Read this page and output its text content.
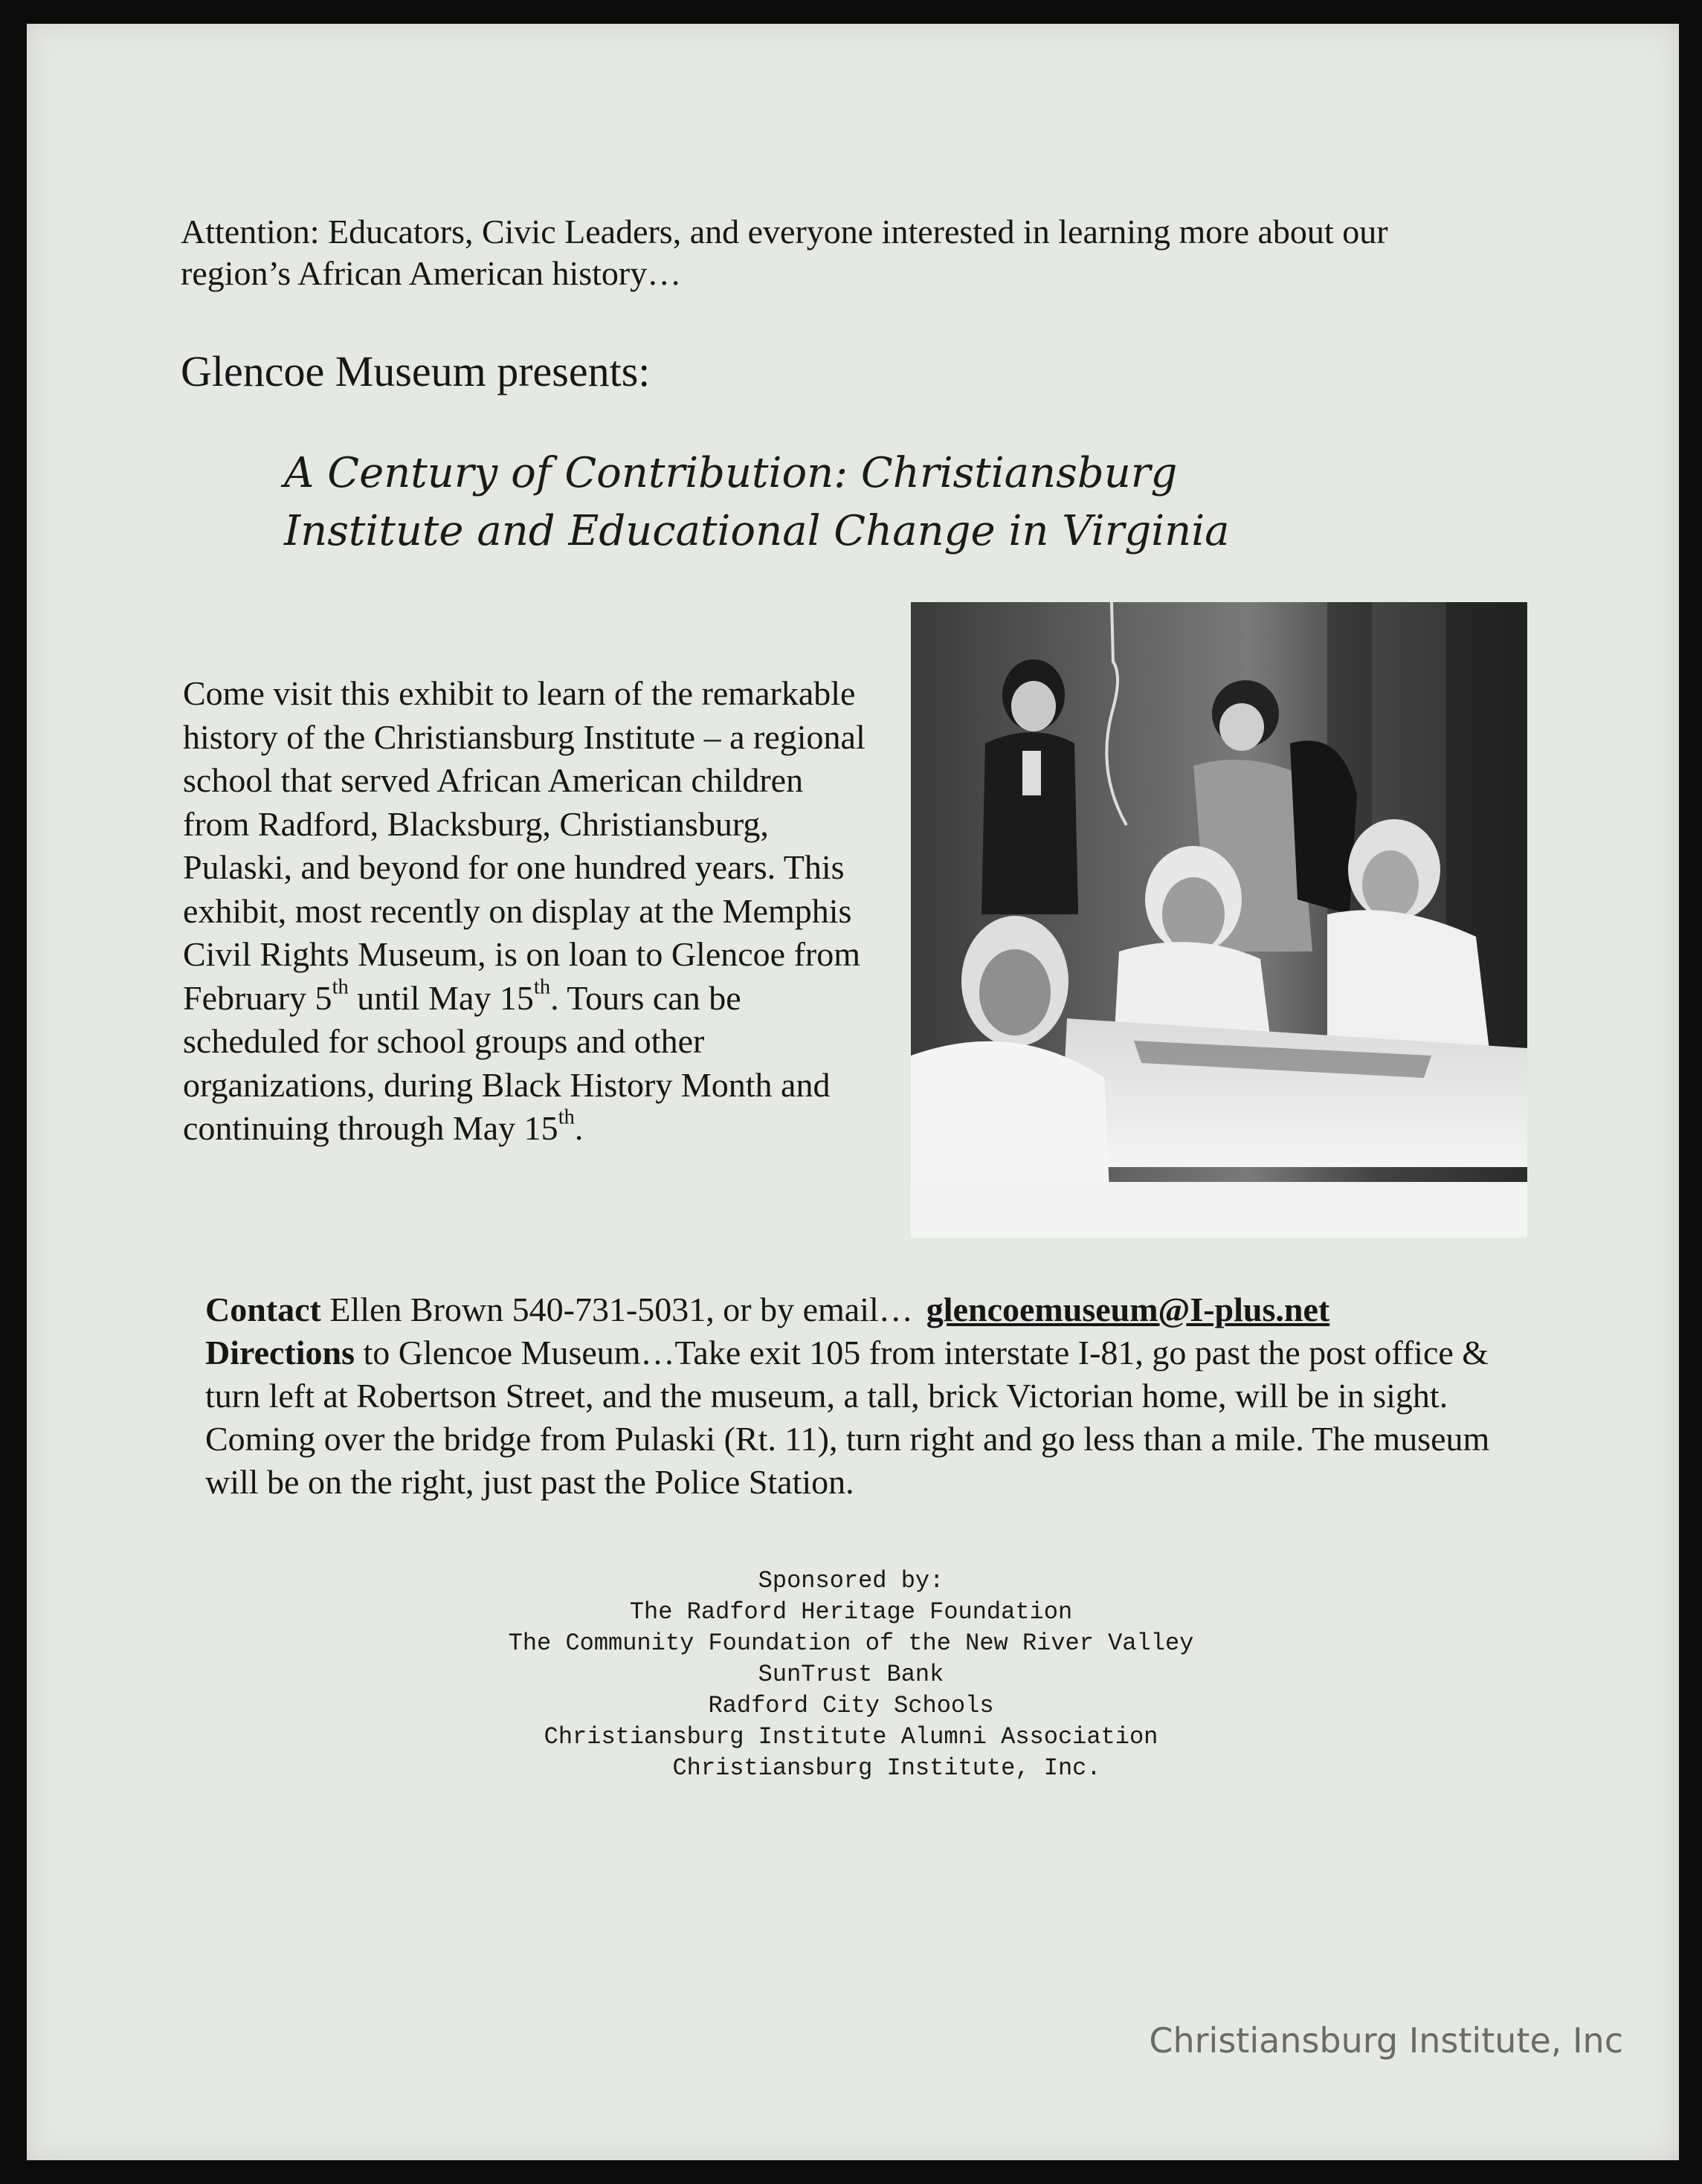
Attention: Educators, Civic Leaders, and everyone interested in learning more about our region’s African American history…
Glencoe Museum presents:
A Century of Contribution: Christiansburg
Institute and Educational Change in Virginia
Come visit this exhibit to learn of the remarkable history of the Christiansburg Institute – a regional school that served African American children from Radford, Blacksburg, Christiansburg, Pulaski, and beyond for one hundred years. This exhibit, most recently on display at the Memphis Civil Rights Museum, is on loan to Glencoe from February 5th until May 15th. Tours can be scheduled for school groups and other organizations, during Black History Month and continuing through May 15th.
Contact Ellen Brown 540-731-5031, or by email… glencoemuseum@I-plus.net
Directions to Glencoe Museum…Take exit 105 from interstate I-81, go past the post office & turn left at Robertson Street, and the museum, a tall, brick Victorian home, will be in sight. Coming over the bridge from Pulaski (Rt. 11), turn right and go less than a mile. The museum will be on the right, just past the Police Station.
Sponsored by:
The Radford Heritage Foundation
The Community Foundation of the New River Valley
SunTrust Bank
Radford City Schools
Christiansburg Institute Alumni Association
Christiansburg Institute, Inc.
Christiansburg Institute, Inc
